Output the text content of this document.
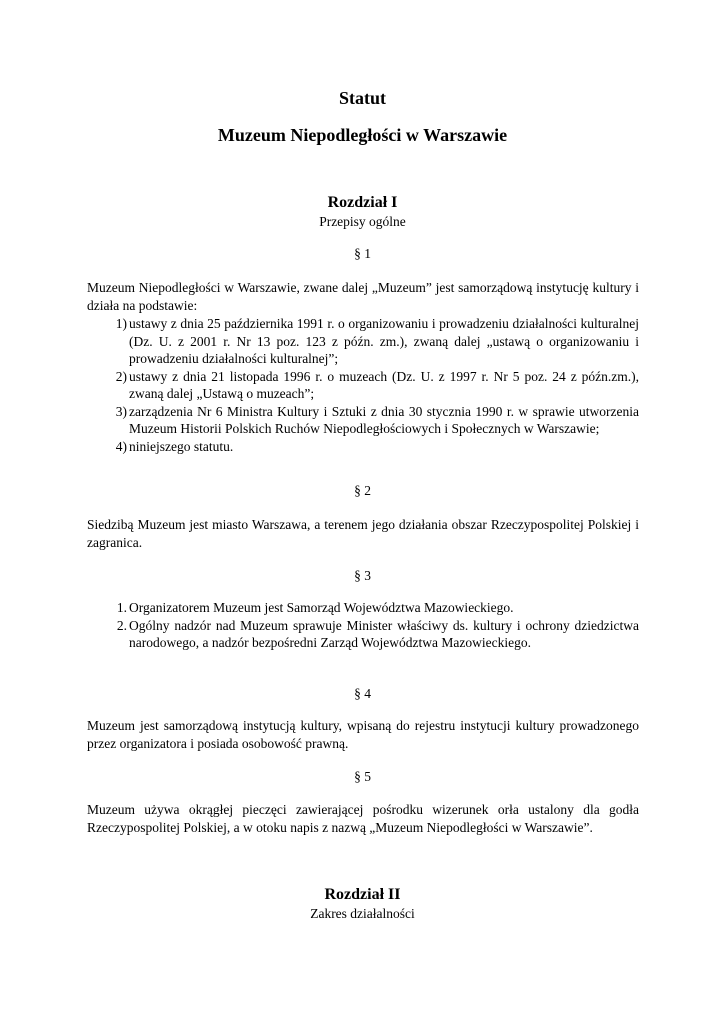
Statut
Muzeum Niepodległości w Warszawie
Rozdział I
Przepisy ogólne
§ 1
Muzeum Niepodległości w Warszawie, zwane dalej „Muzeum” jest samorządową instytucję kultury i działa na podstawie:
1) ustawy z dnia 25 października 1991 r. o organizowaniu i prowadzeniu działalności kulturalnej (Dz. U. z 2001 r. Nr 13 poz. 123 z późn. zm.), zwaną dalej „ustawą o organizowaniu i prowadzeniu działalności kulturalnej”;
2) ustawy z dnia 21 listopada 1996 r. o muzeach (Dz. U. z 1997 r. Nr 5 poz. 24 z późn.zm.), zwaną dalej „Ustawą o muzeach”;
3) zarządzenia Nr 6 Ministra Kultury i Sztuki z dnia 30 stycznia 1990 r. w sprawie utworzenia Muzeum Historii Polskich Ruchów Niepodległościowych i Społecznych w Warszawie;
4) niniejszego statutu.
§ 2
Siedzibą Muzeum jest miasto Warszawa, a terenem jego działania obszar Rzeczypospolitej Polskiej i zagranica.
§ 3
1. Organizatorem Muzeum jest Samorząd Województwa Mazowieckiego.
2. Ogólny nadzór nad Muzeum sprawuje Minister właściwy ds. kultury i ochrony dziedzictwa narodowego, a nadzór bezpośredni Zarząd Województwa Mazowieckiego.
§ 4
Muzeum jest samorządową instytucją kultury, wpisaną do rejestru instytucji kultury prowadzonego przez organizatora i posiada osobowość prawną.
§ 5
Muzeum używa okrągłej pieczęci zawierającej pośrodku wizerunek orła ustalony dla godła Rzeczypospolitej Polskiej, a w otoku napis z nazwą „Muzeum Niepodległości w Warszawie”.
Rozdział II
Zakres działalności
